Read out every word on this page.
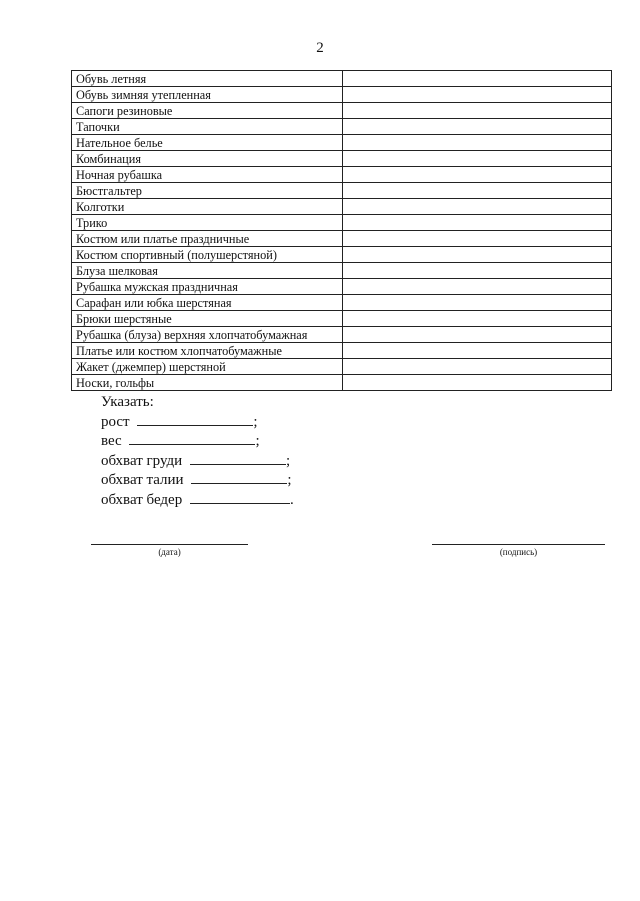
2
Обувь летняя	
Обувь зимняя утепленная	
Сапоги резиновые	
Тапочки	
Нательное белье	
Комбинация	
Ночная рубашка	
Бюстгальтер	
Колготки	
Трико	
Костюм или платье праздничные	
Костюм спортивный (полушерстяной)	
Блуза шелковая	
Рубашка мужская праздничная	
Сарафан или юбка шерстяная	
Брюки шерстяные	
Рубашка (блуза) верхняя хлопчатобумажная	
Платье или костюм хлопчатобумажные	
Жакет (джемпер) шерстяной	
Носки, гольфы	
Указать:
рост	;
вес	;
обхват груди	;
обхват талии	;
обхват бедер	.
(дата)	(подпись)
